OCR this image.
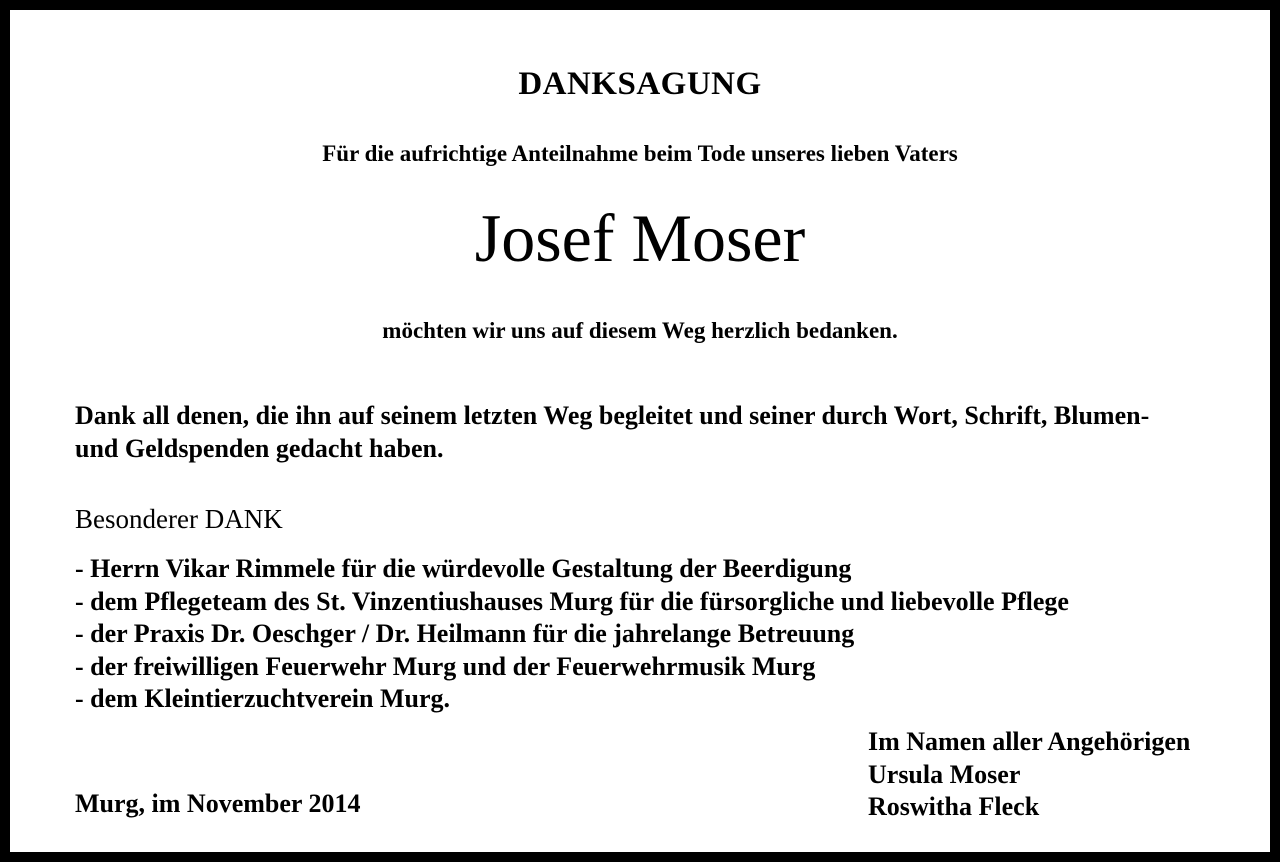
DANKSAGUNG
Für die aufrichtige Anteilnahme beim Tode unseres lieben Vaters
Josef Moser
möchten wir uns auf diesem Weg herzlich bedanken.
Dank all denen, die ihn auf seinem letzten Weg begleitet und seiner durch Wort, Schrift, Blumen-
und Geldspenden gedacht haben.
Besonderer DANK
- Herrn Vikar Rimmele für die würdevolle Gestaltung der Beerdigung
- dem Pflegeteam des St. Vinzentiushauses Murg für die fürsorgliche und liebevolle Pflege
- der Praxis Dr. Oeschger / Dr. Heilmann für die jahrelange Betreuung
- der freiwilligen Feuerwehr Murg und der Feuerwehrmusik Murg
- dem Kleintierzuchtverein Murg.
Im Namen aller Angehörigen
Ursula Moser
Roswitha Fleck
Murg, im November 2014
